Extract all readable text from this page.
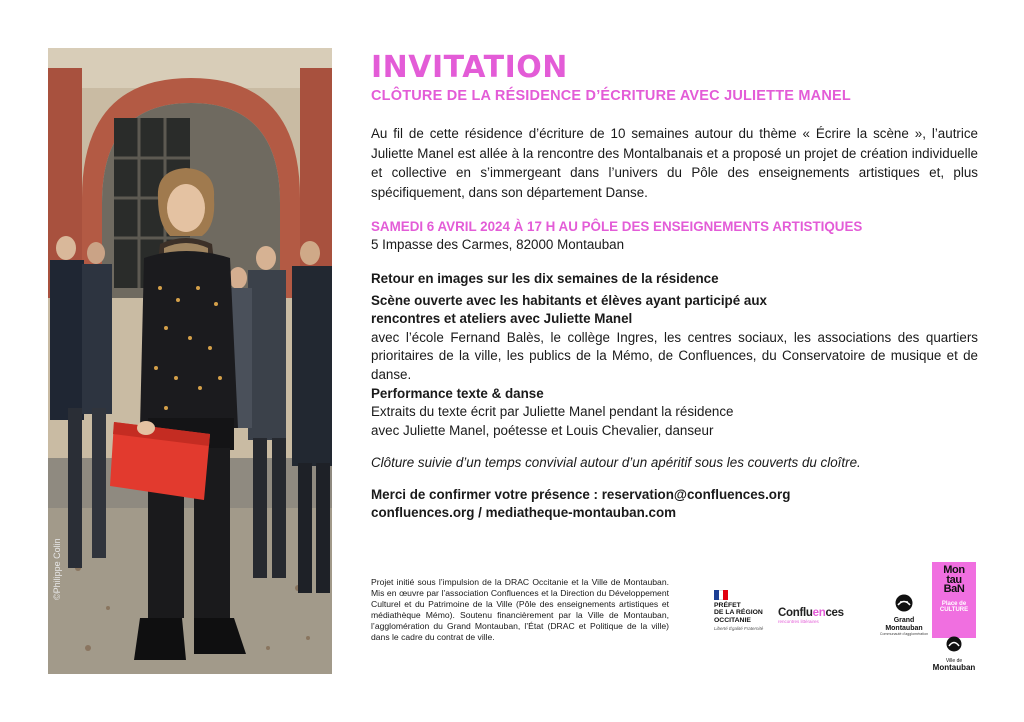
©Philippe Colin
INVITATION
CLÔTURE DE LA RÉSIDENCE D’ÉCRITURE AVEC JULIETTE MANEL

Au fil de cette résidence d’écriture de 10 semaines autour du thème « Écrire la scène », l’autrice Juliette Manel est allée à la rencontre des Montalbanais et a proposé un projet de création individuelle et collective en s’immergeant dans l’univers du Pôle des enseignements artistiques et, plus spécifiquement, dans son département Danse.

SAMEDI 6 AVRIL 2024 À 17 H AU PÔLE DES ENSEIGNEMENTS ARTISTIQUES
5 Impasse des Carmes, 82000 Montauban
Retour en images sur les dix semaines de la résidence
Scène ouverte avec les habitants et élèves ayant participé aux rencontres et ateliers avec Juliette Manel
avec l’école Fernand Balès, le collège Ingres, les centres sociaux, les associations des quartiers prioritaires de la ville, les publics de la Mémo, de Confluences, du Conservatoire de musique et de danse.
Performance texte & danse
Extraits du texte écrit par Juliette Manel pendant la résidence
avec Juliette Manel, poétesse et Louis Chevalier, danseur
Clôture suivie d’un temps convivial autour d’un apéritif sous les couverts du cloître.
Merci de confirmer votre présence : reservation@confluences.org
confluences.org / mediatheque-montauban.com
Projet initié sous l’impulsion de la DRAC Occitanie et la Ville de Montauban. Mis en œuvre par l’association Confluences et la Direction du Développement Culturel et du Patrimoine de la Ville (Pôle des enseignements artistiques et médiathèque Mémo). Soutenu financièrement par la Ville de Montauban, l’agglomération du Grand Montauban, l’État (DRAC et Politique de la ville) dans le cadre du contrat de ville.
PRÉFET
DE LA RÉGION
OCCITANIE
Liberté Égalité Fraternité
Confluences
rencontres littéraires	Grand
Montauban
Communauté d’agglomération
Mon
tau
BaN
Place de
CULTURE
Ville de
Montauban
